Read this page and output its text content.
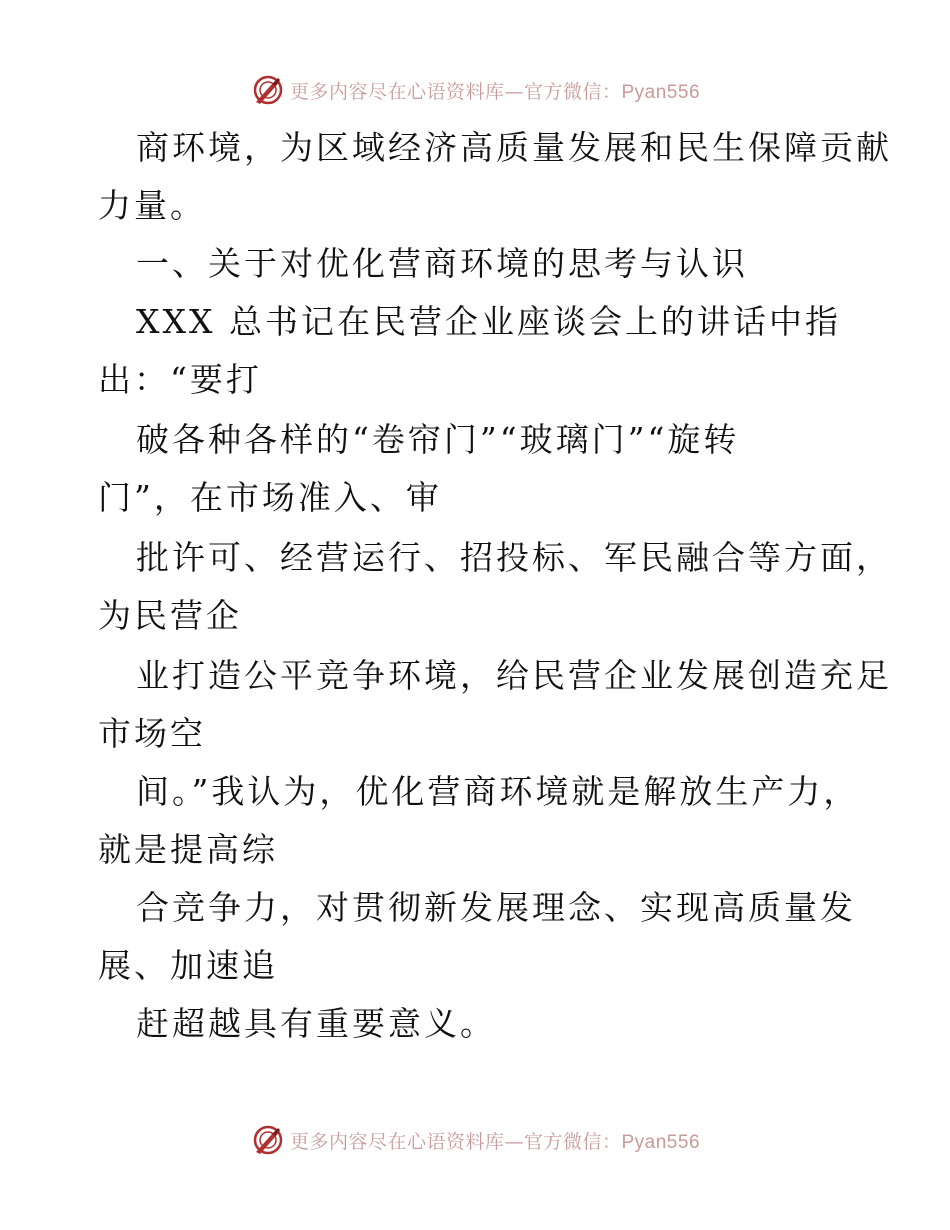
更多内容尽在心语资料库—官方微信：Pyan556
商环境，为区域经济高质量发展和民生保障贡献
力量。
一、关于对优化营商环境的思考与认识
XXX 总书记在民营企业座谈会上的讲话中指
出：“要打
破各种各样的“卷帘门”“玻璃门”“旋转
门”，在市场准入、审
批许可、经营运行、招投标、军民融合等方面，
为民营企
业打造公平竞争环境，给民营企业发展创造充足
市场空
间。”我认为，优化营商环境就是解放生产力，
就是提高综
合竞争力，对贯彻新发展理念、实现高质量发
展、加速追
赶超越具有重要意义。
更多内容尽在心语资料库—官方微信：Pyan556
